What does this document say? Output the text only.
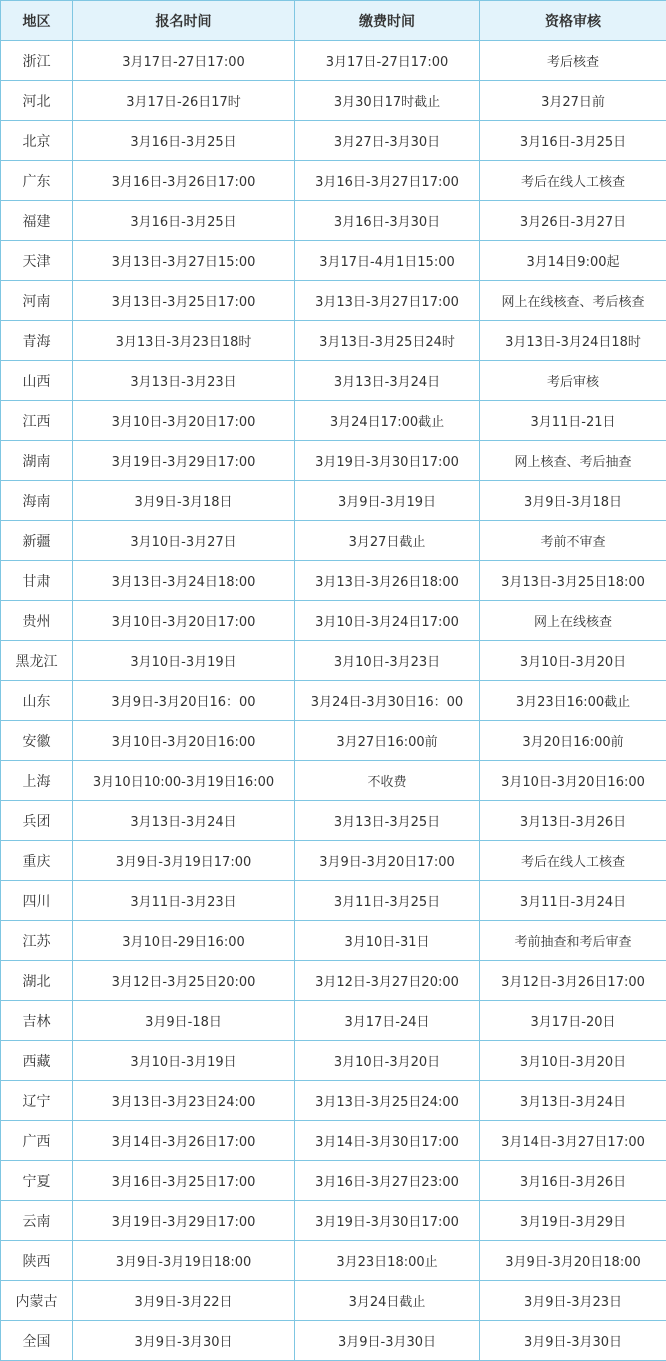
地区	报名时间	缴费时间	资格审核
浙江	3月17日-27日17:00	3月17日-27日17:00	考后核查
河北	3月17日-26日17时	3月30日17时截止	3月27日前
北京	3月16日-3月25日	3月27日-3月30日	3月16日-3月25日
广东	3月16日-3月26日17:00	3月16日-3月27日17:00	考后在线人工核查
福建	3月16日-3月25日	3月16日-3月30日	3月26日-3月27日
天津	3月13日-3月27日15:00	3月17日-4月1日15:00	3月14日9:00起
河南	3月13日-3月25日17:00	3月13日-3月27日17:00	网上在线核查、考后核查
青海	3月13日-3月23日18时	3月13日-3月25日24时	3月13日-3月24日18时
山西	3月13日-3月23日	3月13日-3月24日	考后审核
江西	3月10日-3月20日17:00	3月24日17:00截止	3月11日-21日
湖南	3月19日-3月29日17:00	3月19日-3月30日17:00	网上核查、考后抽查
海南	3月9日-3月18日	3月9日-3月19日	3月9日-3月18日
新疆	3月10日-3月27日	3月27日截止	考前不审查
甘肃	3月13日-3月24日18:00	3月13日-3月26日18:00	3月13日-3月25日18:00
贵州	3月10日-3月20日17:00	3月10日-3月24日17:00	网上在线核查
黑龙江	3月10日-3月19日	3月10日-3月23日	3月10日-3月20日
山东	3月9日-3月20日16：00	3月24日-3月30日16：00	3月23日16:00截止
安徽	3月10日-3月20日16:00	3月27日16:00前	3月20日16:00前
上海	3月10日10:00-3月19日16:00	不收费	3月10日-3月20日16:00
兵团	3月13日-3月24日	3月13日-3月25日	3月13日-3月26日
重庆	3月9日-3月19日17:00	3月9日-3月20日17:00	考后在线人工核查
四川	3月11日-3月23日	3月11日-3月25日	3月11日-3月24日
江苏	3月10日-29日16:00	3月10日-31日	考前抽查和考后审查
湖北	3月12日-3月25日20:00	3月12日-3月27日20:00	3月12日-3月26日17:00
吉林	3月9日-18日	3月17日-24日	3月17日-20日
西藏	3月10日-3月19日	3月10日-3月20日	3月10日-3月20日
辽宁	3月13日-3月23日24:00	3月13日-3月25日24:00	3月13日-3月24日
广西	3月14日-3月26日17:00	3月14日-3月30日17:00	3月14日-3月27日17:00
宁夏	3月16日-3月25日17:00	3月16日-3月27日23:00	3月16日-3月26日
云南	3月19日-3月29日17:00	3月19日-3月30日17:00	3月19日-3月29日
陕西	3月9日-3月19日18:00	3月23日18:00止	3月9日-3月20日18:00
内蒙古	3月9日-3月22日	3月24日截止	3月9日-3月23日
全国	3月9日-3月30日	3月9日-3月30日	3月9日-3月30日
